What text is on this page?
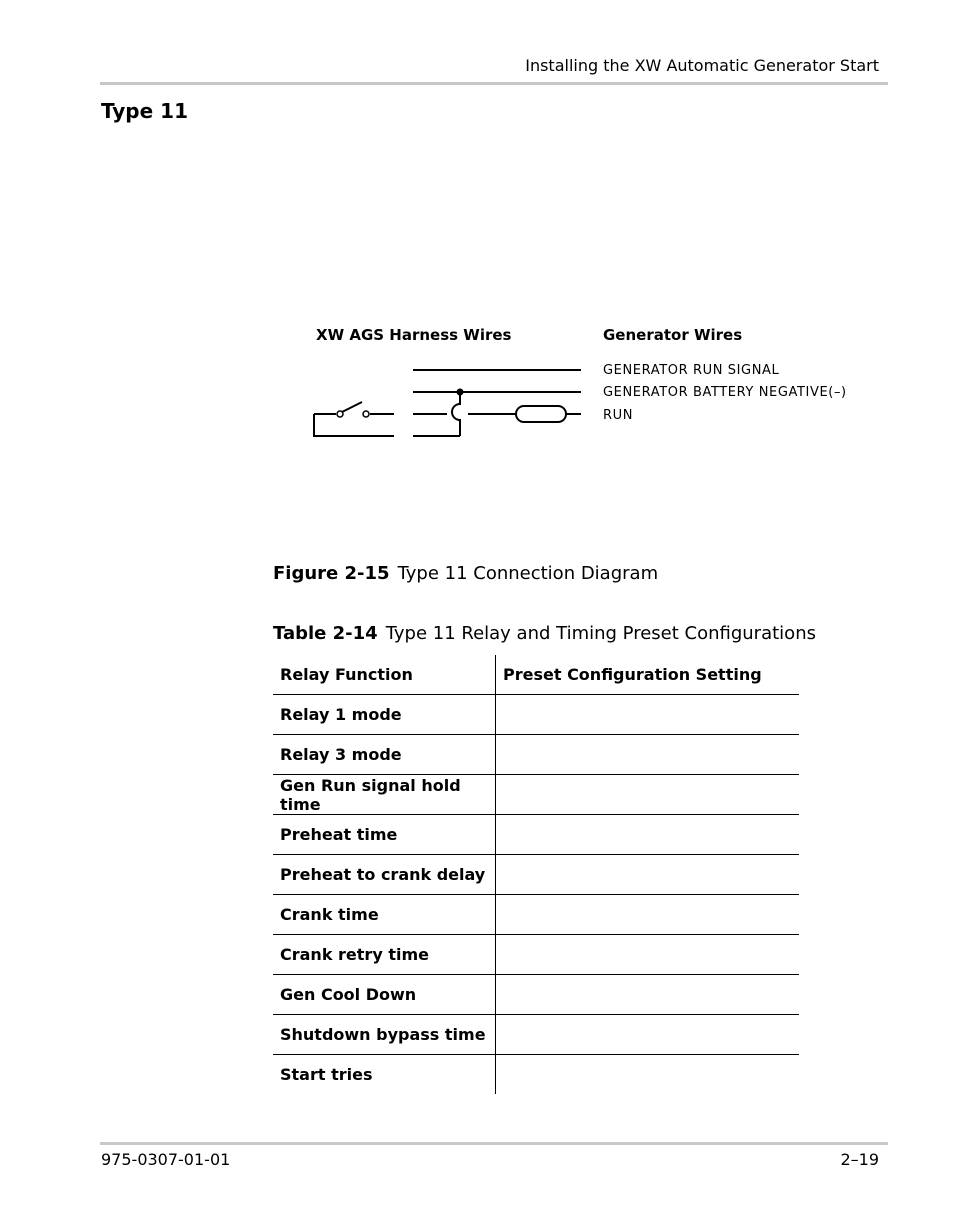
Installing the XW Automatic Generator Start
Type 11
XW AGS Harness Wires	Generator Wires
GENERATOR RUN SIGNAL
GENERATOR BATTERY NEGATIVE(–)
RUN
Figure 2-15 Type 11 Connection Diagram
Table 2-14 Type 11 Relay and Timing Preset Configurations
Relay Function	Preset Configuration Setting
Relay 1 mode	
Relay 3 mode	
Gen Run signal hold time	
Preheat time	
Preheat to crank delay	
Crank time	
Crank retry time	
Gen Cool Down	
Shutdown bypass time	
Start tries	
975-0307-01-01	2–19
